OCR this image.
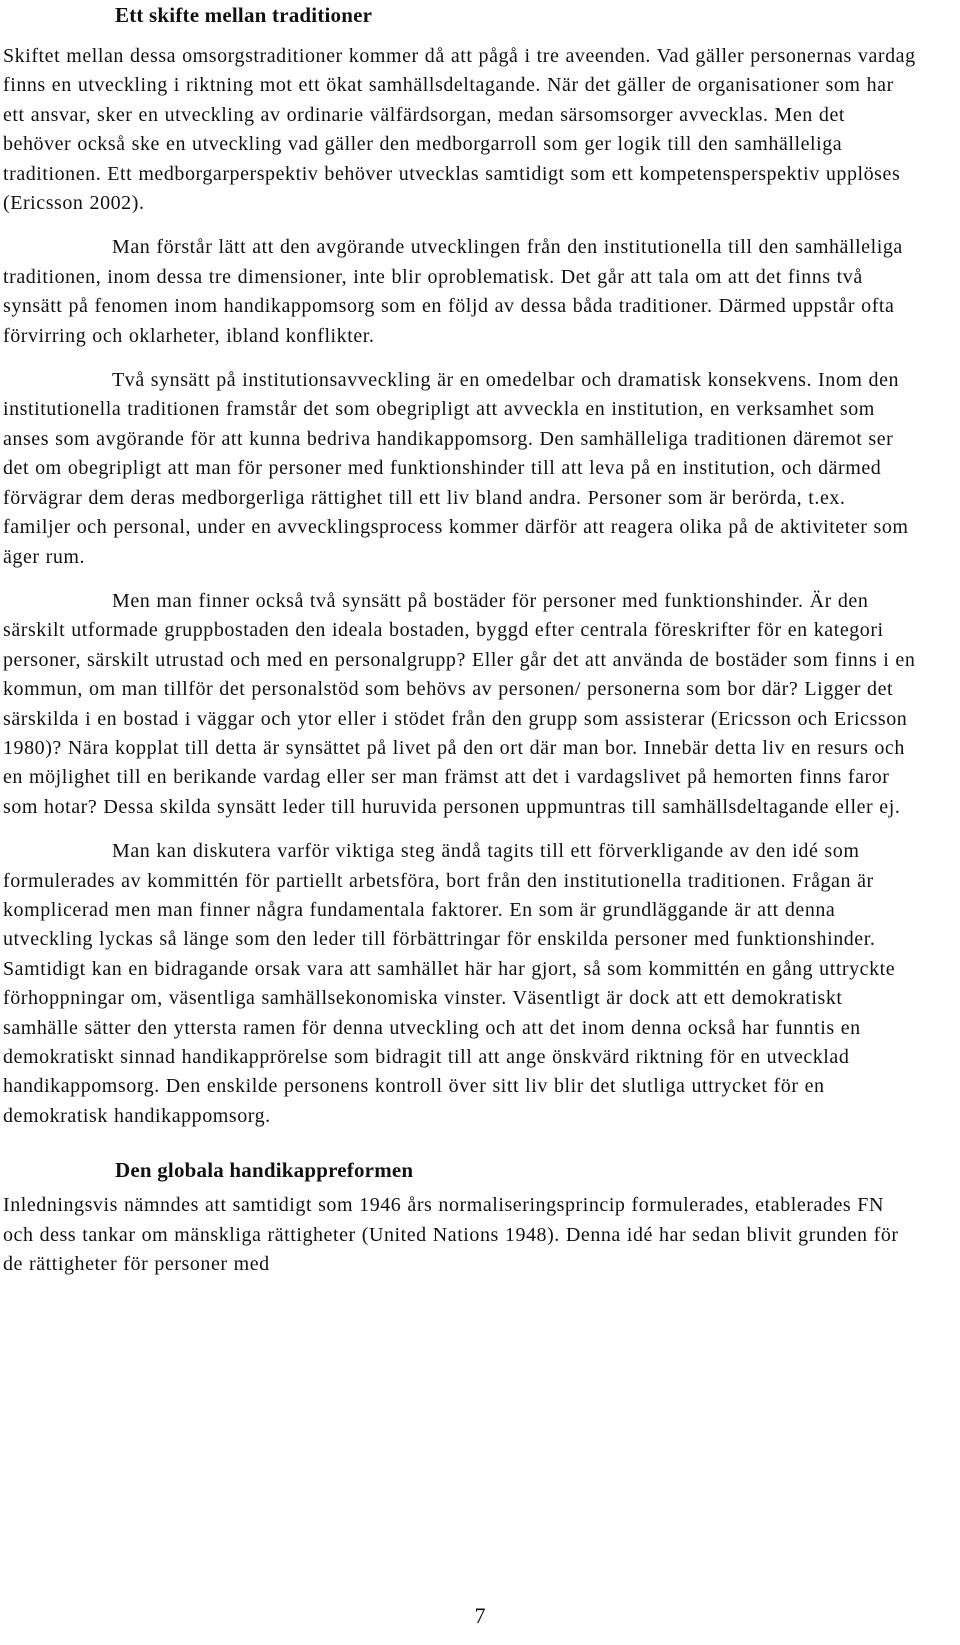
Ett skifte mellan traditioner

Skiftet mellan dessa omsorgstraditioner kommer då att pågå i tre aveenden. Vad gäller personernas vardag finns en utveckling i riktning mot ett ökat samhällsdeltagande. När det gäller de organisationer som har ett ansvar, sker en utveckling av ordinarie välfärdsorgan, medan särsomsorger avvecklas. Men det behöver också ske en utveckling vad gäller den medborgarroll som ger logik till den samhälleliga traditionen. Ett medborgarperspektiv behöver utvecklas samtidigt som ett kompetensperspektiv upplöses (Ericsson 2002).

Man förstår lätt att den avgörande utvecklingen från den institutionella till den samhälleliga traditionen, inom dessa tre dimensioner, inte blir oproblematisk. Det går att tala om att det finns två synsätt på fenomen inom handikappomsorg som en följd av dessa båda traditioner. Därmed uppstår ofta förvirring och oklarheter, ibland konflikter.

Två synsätt på institutionsavveckling är en omedelbar och dramatisk konsekvens. Inom den institutionella traditionen framstår det som obegripligt att avveckla en institution, en verksamhet som anses som avgörande för att kunna bedriva handikappomsorg. Den samhälleliga traditionen däremot ser det om obegripligt att man för personer med funktionshinder till att leva på en institution, och därmed förvägrar dem deras medborgerliga rättighet till ett liv bland andra. Personer som är berörda, t.ex. familjer och personal, under en avvecklingsprocess kommer därför att reagera olika på de aktiviteter som äger rum.

Men man finner också två synsätt på bostäder för personer med funktionshinder. Är den särskilt utformade gruppbostaden den ideala bostaden, byggd efter centrala föreskrifter för en kategori personer, särskilt utrustad och med en personalgrupp? Eller går det att använda de bostäder som finns i en kommun, om man tillför det personalstöd som behövs av personen/ personerna som bor där? Ligger det särskilda i en bostad i väggar och ytor eller i stödet från den grupp som assisterar (Ericsson och Ericsson 1980)? Nära kopplat till detta är synsättet på livet på den ort där man bor. Innebär detta liv en resurs och en möjlighet till en berikande vardag eller ser man främst att det i vardagslivet på hemorten finns faror som hotar? Dessa skilda synsätt leder till huruvida personen uppmuntras till samhällsdeltagande eller ej.

Man kan diskutera varför viktiga steg ändå tagits till ett förverkligande av den idé som formulerades av kommittén för partiellt arbetsföra, bort från den institutionella traditionen. Frågan är komplicerad men man finner några fundamentala faktorer. En som är grundläggande är att denna utveckling lyckas så länge som den leder till förbättringar för enskilda personer med funktionshinder. Samtidigt kan en bidragande orsak vara att samhället här har gjort, så som kommittén en gång uttryckte förhoppningar om, väsentliga samhällsekonomiska vinster. Väsentligt är dock att ett demokratiskt samhälle sätter den yttersta ramen för denna utveckling och att det inom denna också har funntis en demokratiskt sinnad handikapprörelse som bidragit till att ange önskvärd riktning för en utvecklad handikappomsorg. Den enskilde personens kontroll över sitt liv blir det slutliga uttrycket för en demokratisk handikappomsorg.

Den globala handikappreformen

Inledningsvis nämndes att samtidigt som 1946 års normaliseringsprincip formulerades, etablerades FN och dess tankar om mänskliga rättigheter (United Nations 1948). Denna idé har sedan blivit grunden för de rättigheter för personer med

7
